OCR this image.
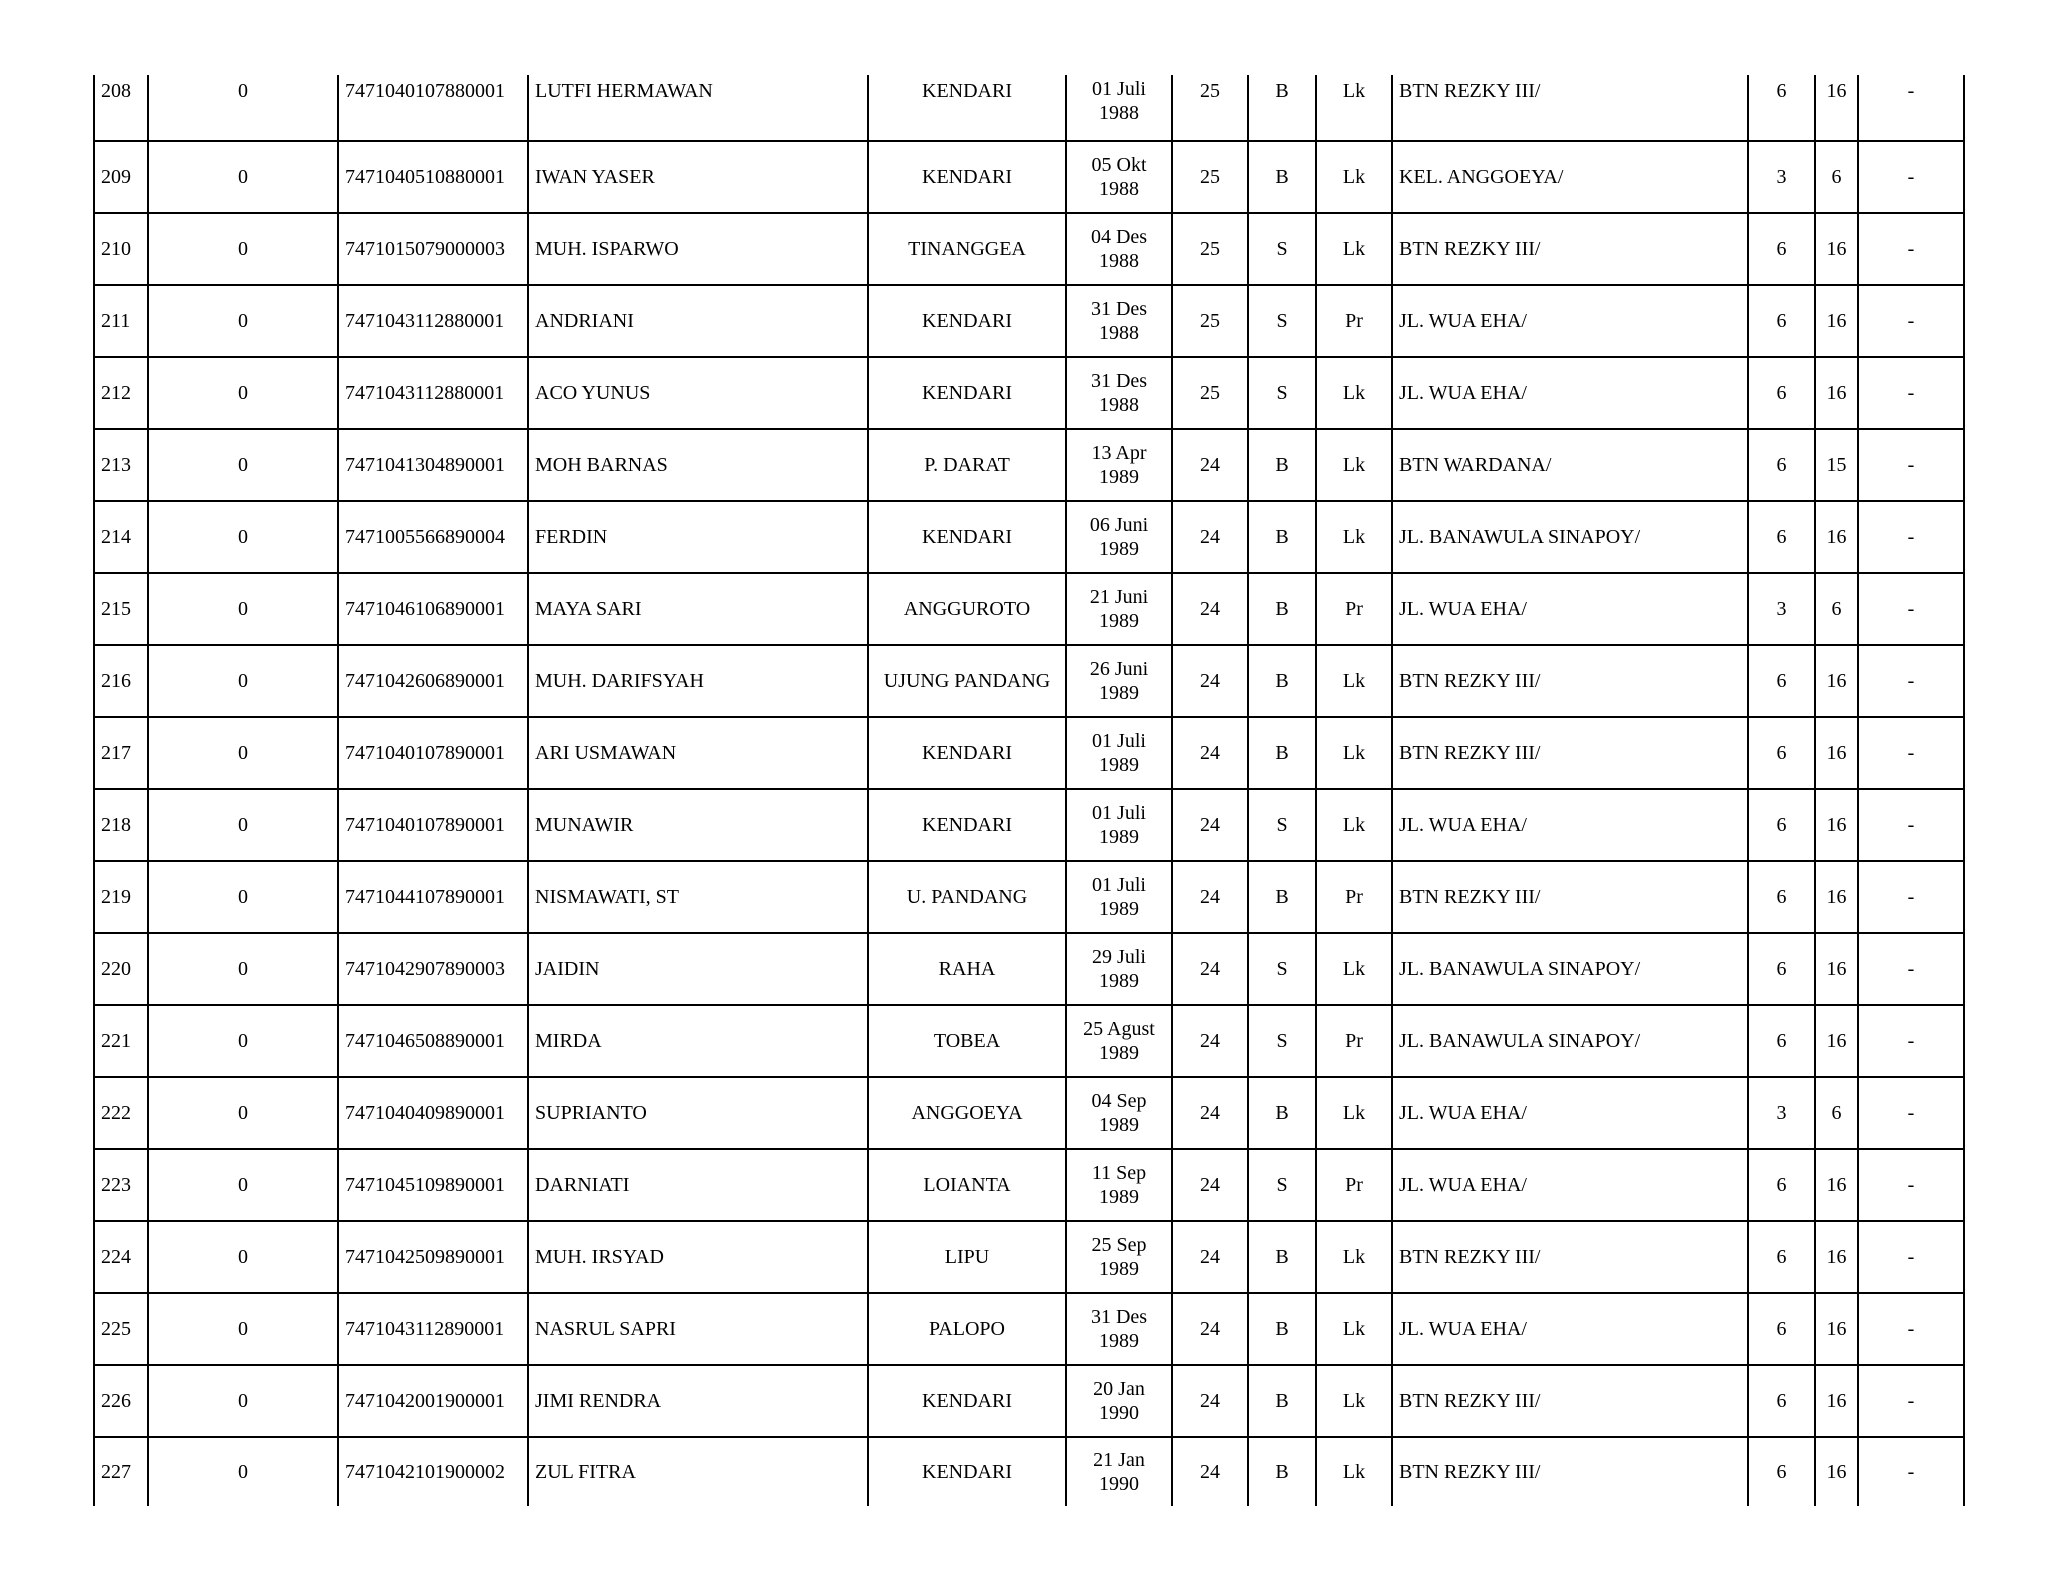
208	0	7471040107880001	LUTFI HERMAWAN	KENDARI	01 Juli
1988	25	B	Lk	BTN REZKY III/	6	16	-
209	0	7471040510880001	IWAN YASER	KENDARI	05 Okt
1988	25	B	Lk	KEL. ANGGOEYA/	3	6	-
210	0	7471015079000003	MUH. ISPARWO	TINANGGEA	04 Des
1988	25	S	Lk	BTN REZKY III/	6	16	-
211	0	7471043112880001	ANDRIANI	KENDARI	31 Des
1988	25	S	Pr	JL. WUA EHA/	6	16	-
212	0	7471043112880001	ACO YUNUS	KENDARI	31 Des
1988	25	S	Lk	JL. WUA EHA/	6	16	-
213	0	7471041304890001	MOH BARNAS	P. DARAT	13 Apr
1989	24	B	Lk	BTN WARDANA/	6	15	-
214	0	7471005566890004	FERDIN	KENDARI	06 Juni
1989	24	B	Lk	JL. BANAWULA SINAPOY/	6	16	-
215	0	7471046106890001	MAYA SARI	ANGGUROTO	21 Juni
1989	24	B	Pr	JL. WUA EHA/	3	6	-
216	0	7471042606890001	MUH. DARIFSYAH	UJUNG PANDANG	26 Juni
1989	24	B	Lk	BTN REZKY III/	6	16	-
217	0	7471040107890001	ARI USMAWAN	KENDARI	01 Juli
1989	24	B	Lk	BTN REZKY III/	6	16	-
218	0	7471040107890001	MUNAWIR	KENDARI	01 Juli
1989	24	S	Lk	JL. WUA EHA/	6	16	-
219	0	7471044107890001	NISMAWATI, ST	U. PANDANG	01 Juli
1989	24	B	Pr	BTN REZKY III/	6	16	-
220	0	7471042907890003	JAIDIN	RAHA	29 Juli
1989	24	S	Lk	JL. BANAWULA SINAPOY/	6	16	-
221	0	7471046508890001	MIRDA	TOBEA	25 Agust
1989	24	S	Pr	JL. BANAWULA SINAPOY/	6	16	-
222	0	7471040409890001	SUPRIANTO	ANGGOEYA	04 Sep
1989	24	B	Lk	JL. WUA EHA/	3	6	-
223	0	7471045109890001	DARNIATI	LOIANTA	11 Sep
1989	24	S	Pr	JL. WUA EHA/	6	16	-
224	0	7471042509890001	MUH. IRSYAD	LIPU	25 Sep
1989	24	B	Lk	BTN REZKY III/	6	16	-
225	0	7471043112890001	NASRUL SAPRI	PALOPO	31 Des
1989	24	B	Lk	JL. WUA EHA/	6	16	-
226	0	7471042001900001	JIMI RENDRA	KENDARI	20 Jan
1990	24	B	Lk	BTN REZKY III/	6	16	-
227	0	7471042101900002	ZUL FITRA	KENDARI	21 Jan
1990	24	B	Lk	BTN REZKY III/	6	16	-
